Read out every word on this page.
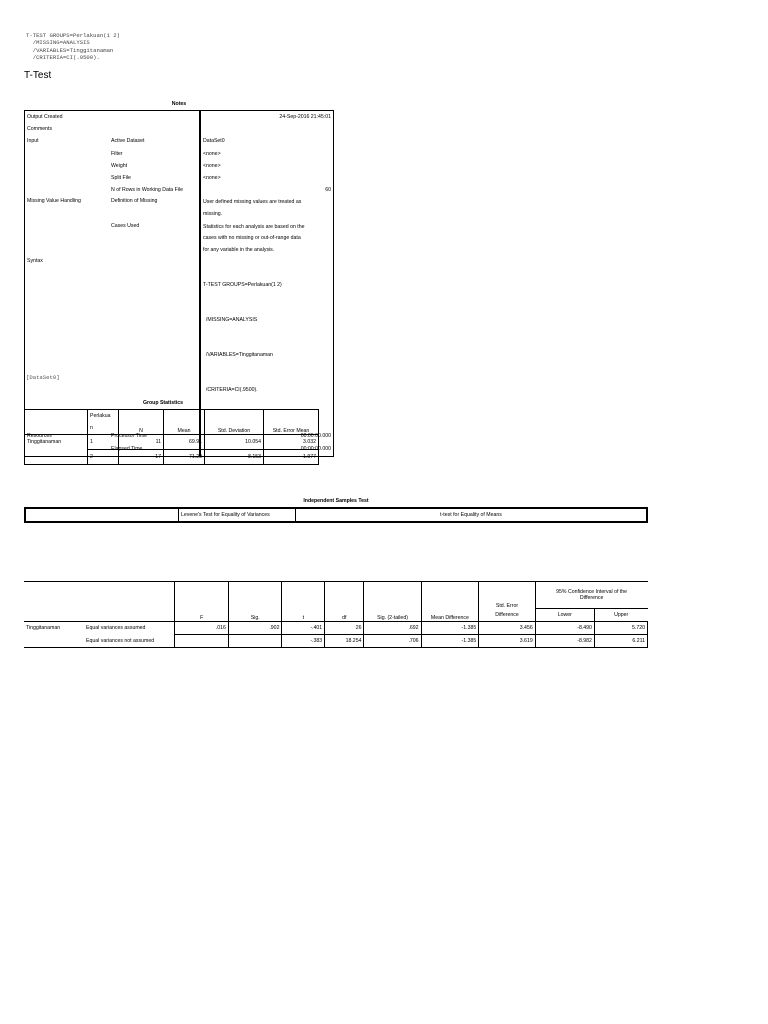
T-TEST GROUPS=Perlakuan(1 2)
/MISSING=ANALYSIS
/VARIABLES=Tinggitanaman
/CRITERIA=CI(.9500).
T-Test
Notes
Output Created		24-Sep-2016 21:45:01
Comments		
Input	Active Dataset	DataSet0
	Filter	<none>
	Weight	<none>
	Split File	<none>
	N of Rows in Working Data File	60
Missing Value Handling	Definition of Missing	User defined missing values are treated as
missing.

	Cases Used	Statistics for each analysis are based on the
cases with no missing or out-of-range data
for any variable in the analysis.

Syntax		T-TEST GROUPS=Perlakuan(1 2)

/MISSING=ANALYSIS

/VARIABLES=Tinggitanaman

/CRITERIA=CI(.9500).

Resources	Processor Time	00:00:00.000
	Elapsed Time	00:00:00.000
[DataSet0]
Group Statistics
	Perlakua	N	Mean	Std. Deviation	Std. Error Mean
	n				
Tinggitanaman	1	11	69.91	10.054	3.032
	2	17	71.29	8.153	1.977
Independent Samples Test
	Levene's Test for Equality of Variances	t-test for Equality of Means
		F	Sig.	t	df	Sig. (2-tailed)	Mean Difference		95% Confidence Interval of the
Difference	

								Std. Error
Difference		

									Lower	Upper
Tinggitanaman	Equal variances assumed	.016	.902	-.401	26	.692	-1.385	3.456	-8.490	5.720
	Equal variances not assumed			-.383	18.254	.706	-1.385	3.619	-8.982	6.211
